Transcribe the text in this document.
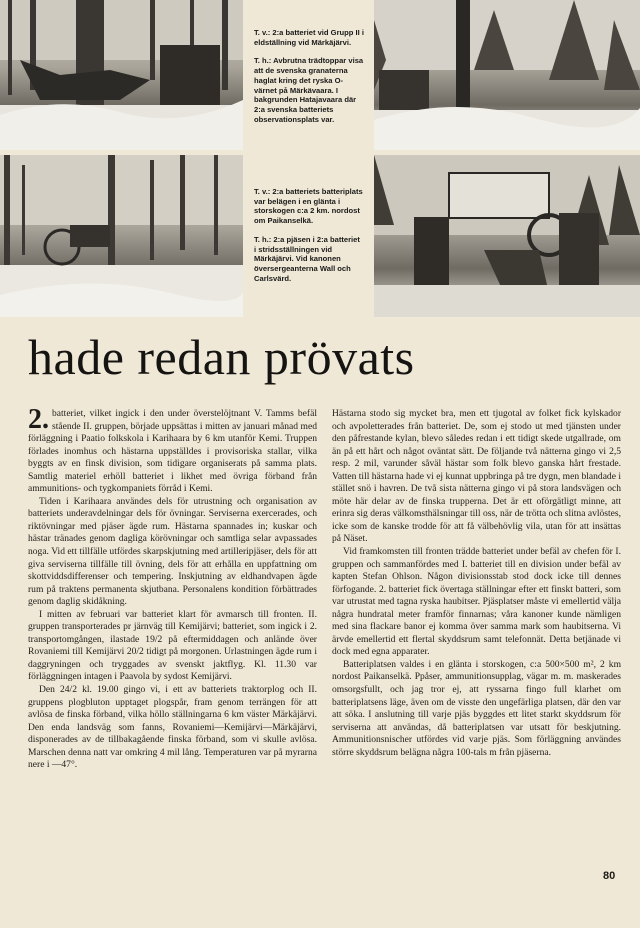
T. v.: 2:a batteriet vid Grupp II i eldställning vid Märkäjärvi.

T. h.: Avbrutna trädtoppar visa att de svenska granaterna haglat kring det ryska O-värnet på Märkävaara. I bakgrunden Hatajavaara där 2:a svenska batteriets observationsplats var.

T. v.: 2:a batteriets batteriplats var belägen i en glänta i storskogen c:a 2 km. nordost om Paikanselkä.

T. h.: 2:a pjäsen i 2:a batteriet i stridsställningen vid Märkäjärvi. Vid kanonen översergeanterna Wall och Carlsvärd.

hade redan prövats

2. batteriet, vilket ingick i den under överstelöjtnant V. Tamms befäl stående II. gruppen, började uppsättas i mitten av januari månad med förläggning i Paatio folkskola i Karihaara by 6 km utanför Kemi. Truppen förlades inomhus och hästarna uppställdes i provisoriska stallar, vilka byggts av en finsk division, som tidigare organiserats på samma plats. Samtlig materiel erhöll batteriet i likhet med övriga förband från ammunitions- och tygkompaniets förråd i Kemi.

Tiden i Karihaara användes dels för utrustning och organisation av batteriets underavdelningar dels för övningar. Serviserna exercerades, och riktövningar med pjäser ägde rum. Hästarna spannades in; kuskar och hästar tränades genom dagliga körövningar och samtliga selar avpassades noga. Vid ett tillfälle utfördes skarpskjutning med artilleripjäser, dels för att giva serviserna tillfälle till övning, dels för att erhålla en uppfattning om skottviddsdifferenser och tempering. Inskjutning av eldhandvapen ägde rum på traktens permanenta skjutbana. Personalens kondition förbättrades genom daglig skidåkning.

I mitten av februari var batteriet klart för avmarsch till fronten. II. gruppen transporterades pr järnväg till Kemijärvi; batteriet, som ingick i 2. transportomgången, ilastade 19/2 på eftermiddagen och anlände över Rovaniemi till Kemijärvi 20/2 tidigt på morgonen. Urlastningen ägde rum i daggryningen och tryggades av svenskt jaktflyg. Kl. 11.30 var förläggningen intagen i Paavola by sydost Kemijärvi.

Den 24/2 kl. 19.00 gingo vi, i ett av batteriets traktorplog och II. gruppens plogbluton upptaget plogspår, fram genom terrängen för att avlösa de finska förband, vilka höllo ställningarna 6 km väster Märkäjärvi. Den enda landsväg som fanns, Rovaniemi—Kemijärvi—Märkäjärvi, disponerades av de tillbakagående finska förband, som vi skulle avlösa. Marschen denna natt var omkring 4 mil lång. Temperaturen var på myrarna nere i —47°.

Hästarna stodo sig mycket bra, men ett tjugotal av folket fick kylskador och avpoletterades från batteriet. De, som ej stodo ut med tjänsten under den påfrestande kylan, blevo således redan i ett tidigt skede utgallrade, om än på ett hårt och något oväntat sätt. De följande två nätterna gingo vi 2,5 resp. 2 mil, varunder såväl hästar som folk blevo ganska hårt frestade. Vatten till hästarna hade vi ej kunnat uppbringa på tre dygn, men blandade i stället snö i havren. De två sista nätterna gingo vi på stora landsvägen och möte här delar av de finska trupperna. Det är ett oförgätligt minne, att erinra sig deras välkomsthälsningar till oss, när de trötta och slitna avlöstes, icke som de kanske trodde för att få välbehövlig vila, utan för att insättas på Näset.

Vid framkomsten till fronten trädde batteriet under befäl av chefen för I. gruppen och sammanfördes med I. batteriet till en division under befäl av kapten Stefan Ohlson. Någon divisionsstab stod dock icke till dennes förfogande. 2. batteriet fick övertaga ställningar efter ett finskt batteri, som var utrustat med tagna ryska haubitser. Pjäsplatser måste vi emellertid välja några hundratal meter framför finnarnas; våra kanoner kunde nämligen med sina flackare banor ej komma över samma mark som haubitserna. Vi ärvde emellertid ett flertal skyddsrum samt telefonnät. Detta betjänade vi dock med egna apparater.

Batteriplatsen valdes i en glänta i storskogen, c:a 500×500 m², 2 km nordost Paikanselkä. Ppåser, ammunitionsupplag, vägar m. m. maskerades omsorgsfullt, och jag tror ej, att ryssarna fingo full klarhet om batteriplatsens läge, även om de visste den ungefärliga platsen, där den var att söka. I anslutning till varje pjäs byggdes ett litet starkt skyddsrum för serviserna att användas, då batteriplatsen var utsatt för beskjutning. Ammunitionsnischer utfördes vid varje pjäs. Som förläggning användes större skyddsrum belägna några 100-tals m från pjäserna.

80
